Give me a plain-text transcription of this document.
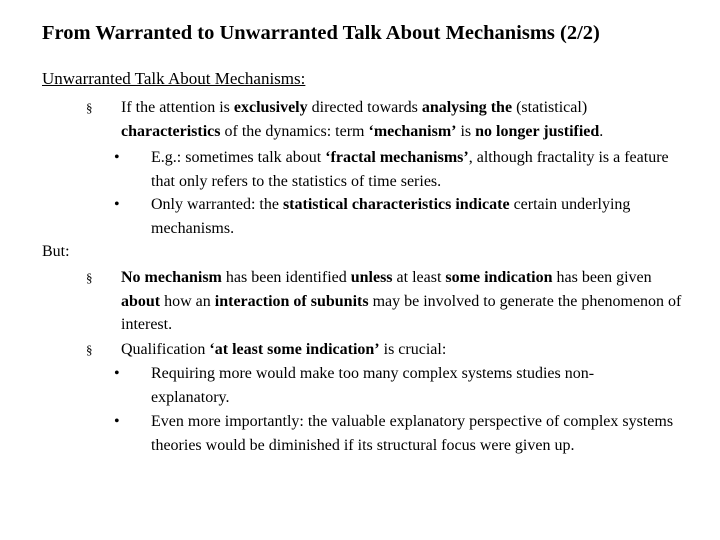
From Warranted to Unwarranted Talk About Mechanisms (2/2)
Unwarranted Talk About Mechanisms:
§ If the attention is exclusively directed towards analysing the (statistical) characteristics of the dynamics: term ‘mechanism’ is no longer justified.
• E.g.: sometimes talk about ‘fractal mechanisms’, although fractality is a feature that only refers to the statistics of time series.
• Only warranted: the statistical characteristics indicate certain underlying mechanisms.
But:
§ No mechanism has been identified unless at least some indication has been given about how an interaction of subunits may be involved to generate the phenomenon of interest.
§ Qualification ‘at least some indication’ is crucial:
• Requiring more would make too many complex systems studies non-explanatory.
• Even more importantly: the valuable explanatory perspective of complex systems theories would be diminished if its structural focus were given up.
